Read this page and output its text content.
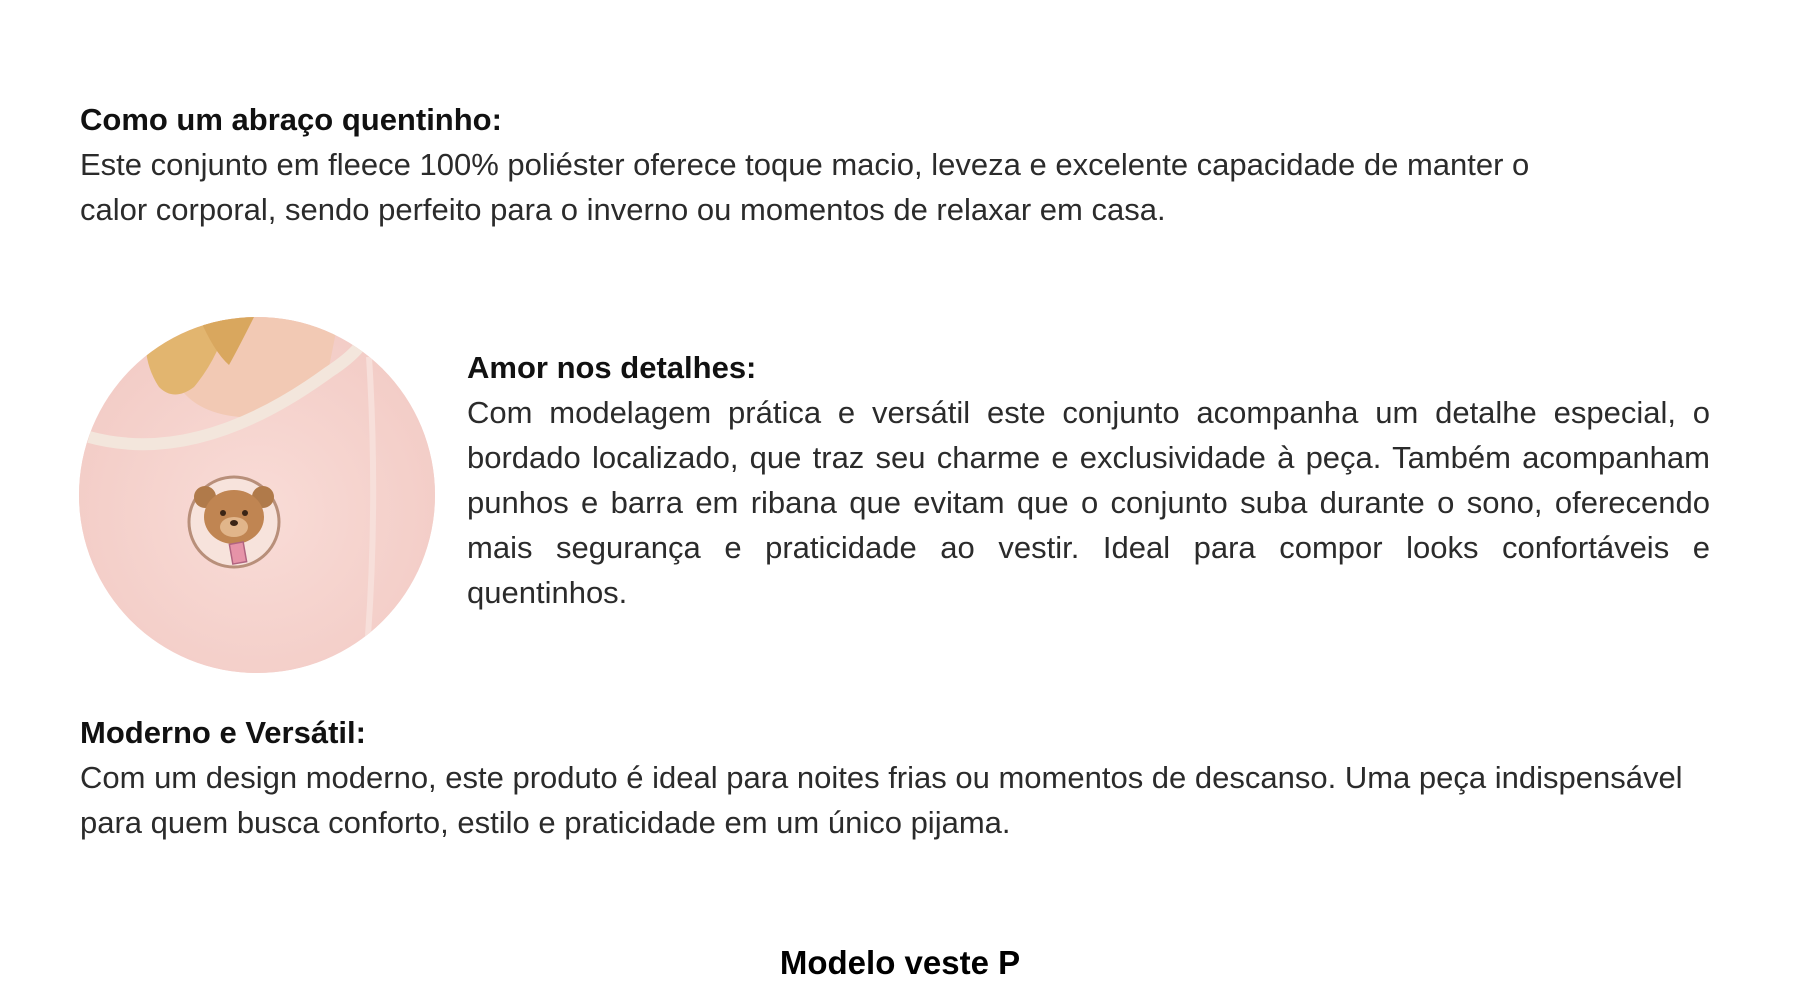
Como um abraço quentinho:

Este conjunto em fleece 100% poliéster oferece toque macio, leveza e excelente capacidade de manter o calor corporal, sendo perfeito para o inverno ou momentos de relaxar em casa.

Amor nos detalhes:

Com modelagem prática e versátil este conjunto acompanha um detalhe especial, o bordado localizado, que traz seu charme e exclusividade à peça. Também acompanham punhos e barra em ribana que evitam que o conjunto suba durante o sono, oferecendo mais segurança e praticidade ao vestir. Ideal para compor looks confortáveis e quentinhos.

Moderno e Versátil:

Com um design moderno, este produto é ideal para noites frias ou momentos de descanso. Uma peça indispensável para quem busca conforto, estilo e praticidade em um único pijama.

Modelo veste P
